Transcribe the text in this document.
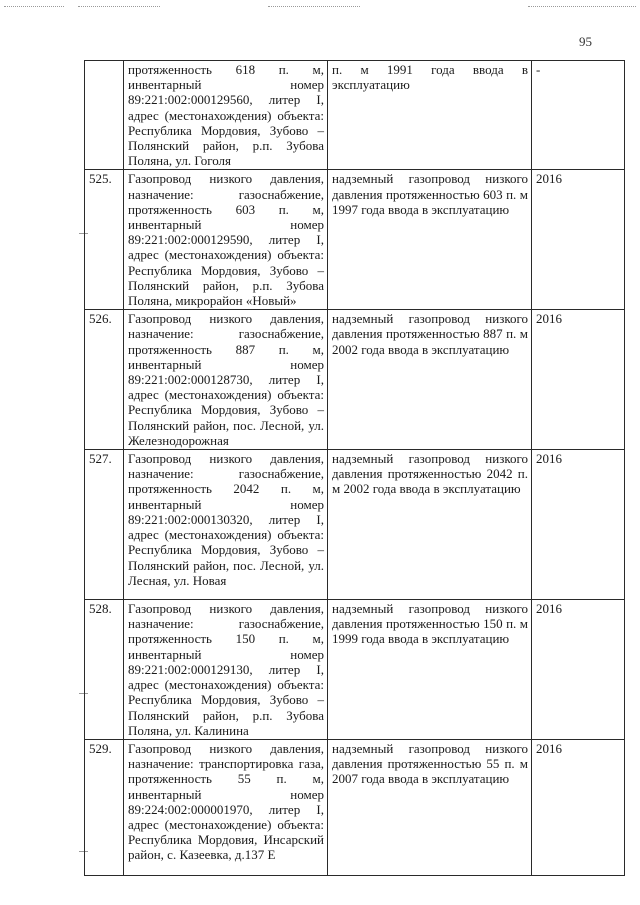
95
	протяженность 618 п. м, инвентарный номер 89:221:002:000129560, литер I, адрес (местонахождения) объекта: Республика Мордовия, Зубово – Полянский район, р.п. Зубова Поляна, ул. Гоголя	п. м 1991 года ввода в эксплуатацию	-
525.	Газопровод низкого давления, назначение: газоснабжение, протяженность 603 п. м, инвентарный номер 89:221:002:000129590, литер I, адрес (местонахождения) объекта: Республика Мордовия, Зубово – Полянский район, р.п. Зубова Поляна, микрорайон «Новый»	надземный газопровод низкого давления протяженностью 603 п. м 1997 года ввода в эксплуатацию	2016
526.	Газопровод низкого давления, назначение: газоснабжение, протяженность 887 п. м, инвентарный номер 89:221:002:000128730, литер I, адрес (местонахождения) объекта: Республика Мордовия, Зубово – Полянский район, пос. Лесной, ул. Железнодорожная	надземный газопровод низкого давления протяженностью 887 п. м 2002 года ввода в эксплуатацию	2016
527.	Газопровод низкого давления, назначение: газоснабжение, протяженность 2042 п. м, инвентарный номер 89:221:002:000130320, литер I, адрес (местонахождения) объекта: Республика Мордовия, Зубово – Полянский район, пос. Лесной, ул. Лесная, ул. Новая	надземный газопровод низкого давления протяженностью 2042 п. м 2002 года ввода в эксплуатацию	2016
528.	Газопровод низкого давления, назначение: газоснабжение, протяженность 150 п. м, инвентарный номер 89:221:002:000129130, литер I, адрес (местонахождения) объекта: Республика Мордовия, Зубово – Полянский район, р.п. Зубова Поляна, ул. Калинина	надземный газопровод низкого давления протяженностью 150 п. м 1999 года ввода в эксплуатацию	2016
529.	Газопровод низкого давления, назначение: транспортировка газа, протяженность 55 п. м, инвентарный номер 89:224:002:000001970, литер I, адрес (местонахождение) объекта: Республика Мордовия, Инсарский район, с. Казеевка, д.137 Е	надземный газопровод низкого давления протяженностью 55 п. м 2007 года ввода в эксплуатацию	2016
